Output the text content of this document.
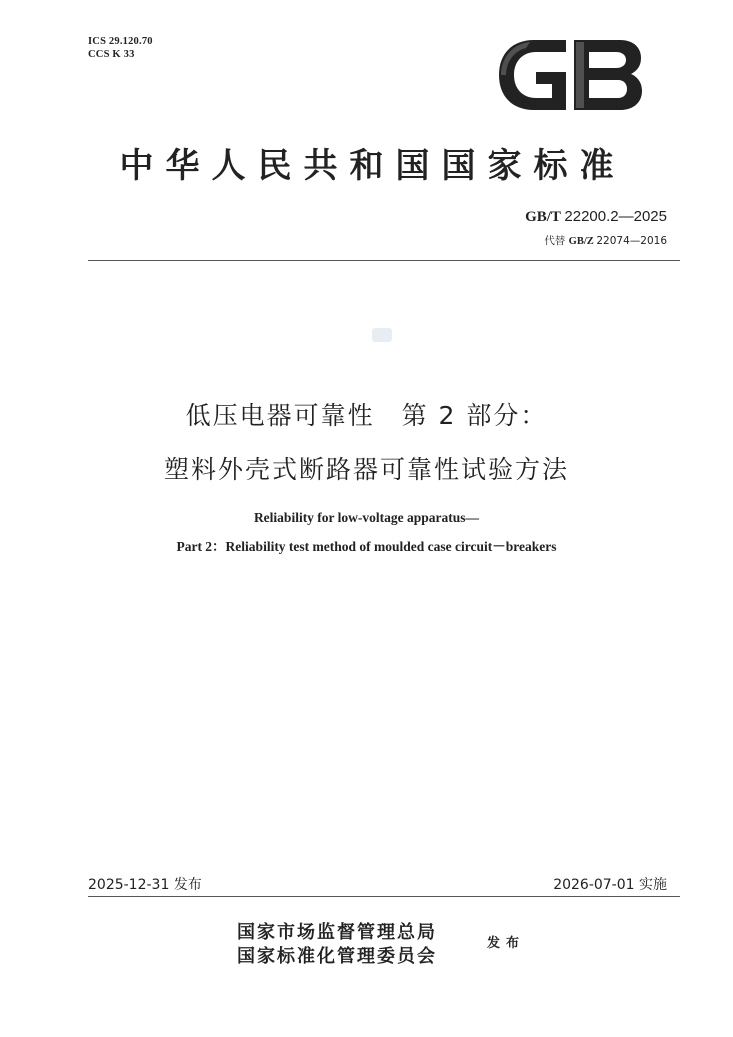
ICS 29.120.70
CCS K 33
中华人民共和国国家标准
GB/T 22200.2—2025
代替 GB/Z 22074—2016
低压电器可靠性　第 2 部分：
塑料外壳式断路器可靠性试验方法
Reliability for low-voltage apparatus—
Part 2：Reliability test method of moulded case circuit－breakers
2025-12-31 发布	2026-07-01 实施
国家市场监督管理总局
国家标准化管理委员会
发布
